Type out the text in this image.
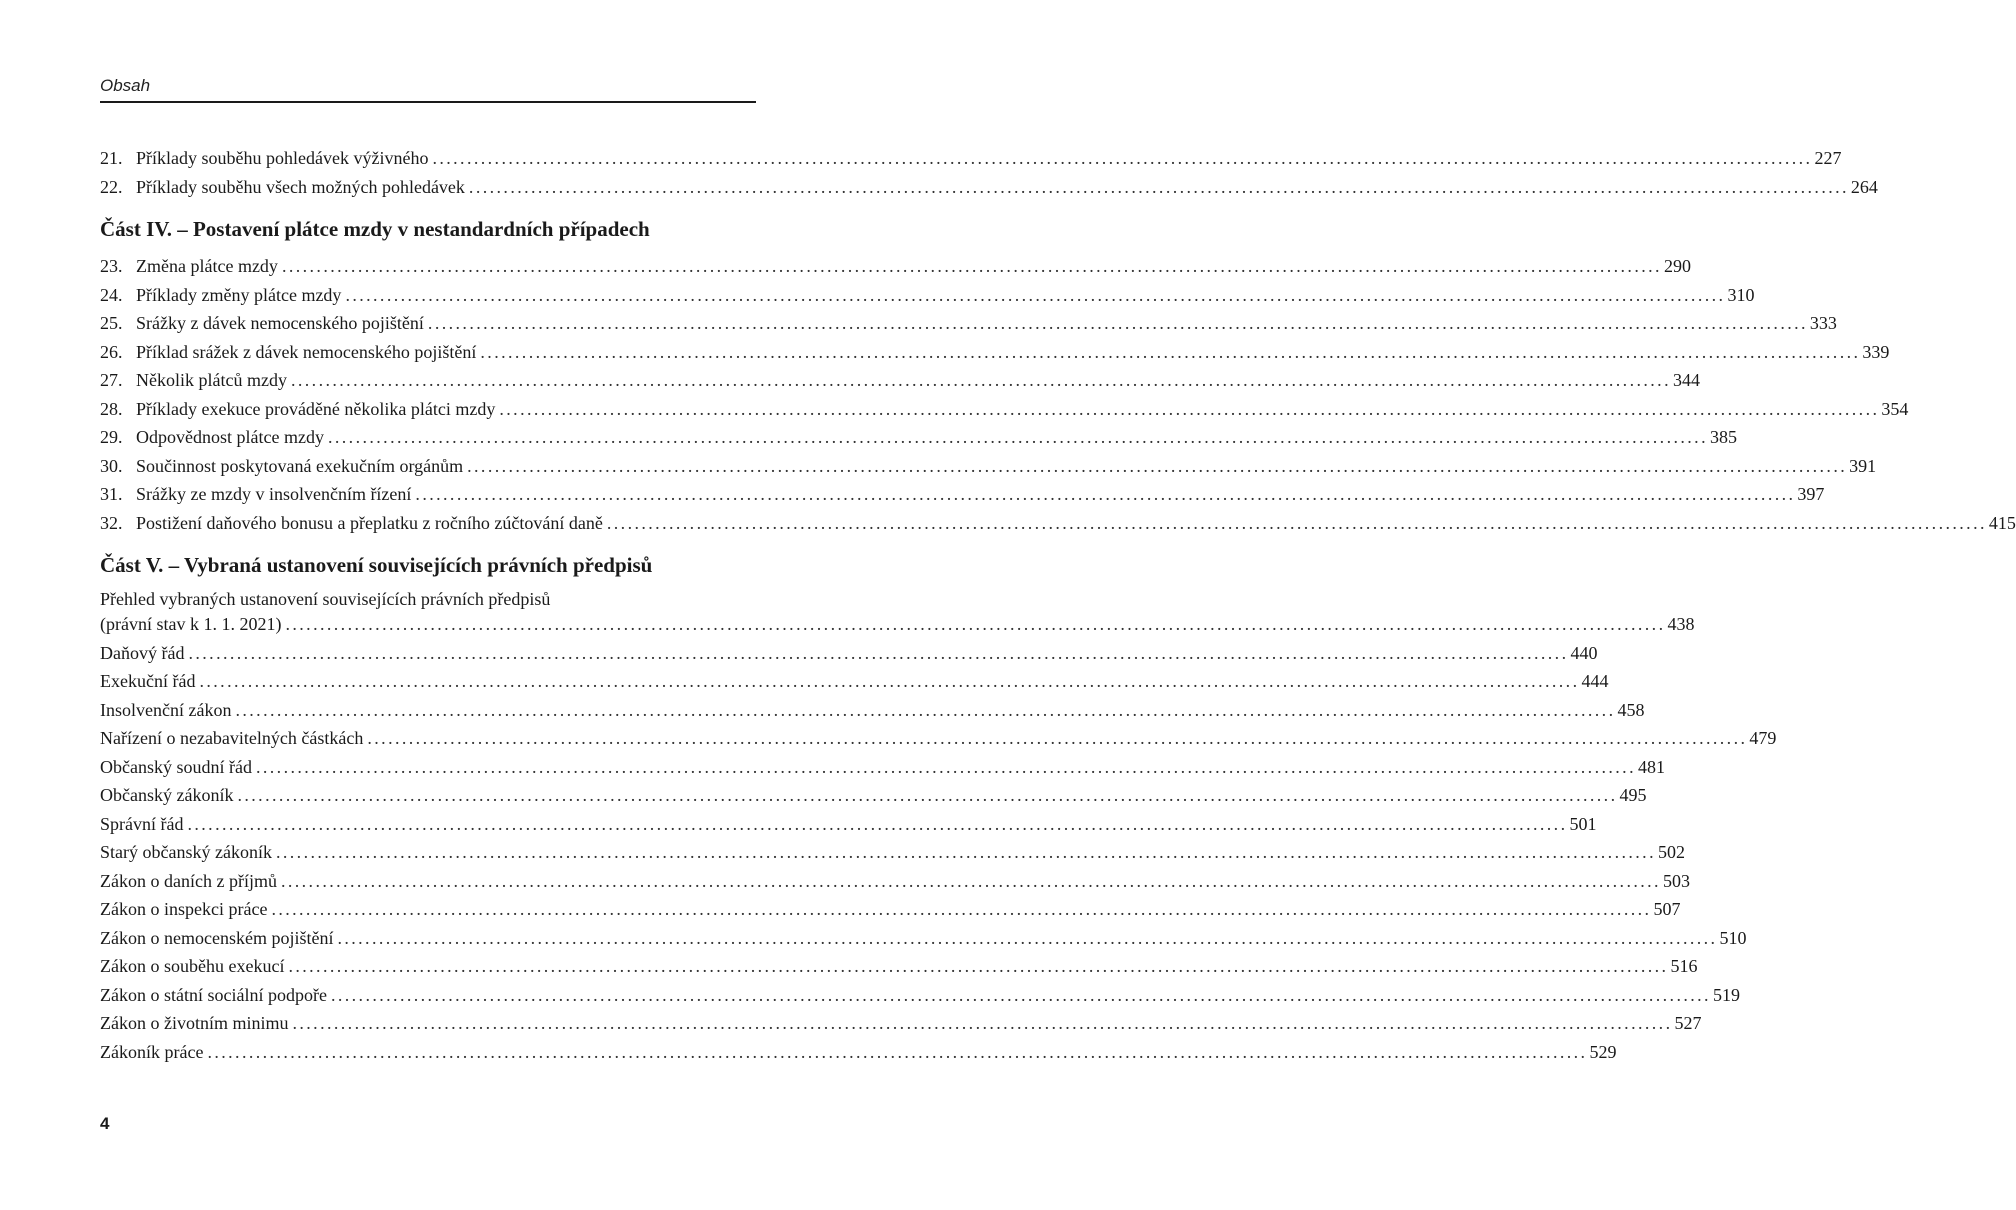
Obsah
21. Příklady souběhu pohledávek výživného ........................................................................................................................................................................................................ 227
22. Příklady souběhu všech možných pohledávek ........................................................................................................................................................................................................ 264
Část IV. – Postavení plátce mzdy v nestandardních případech
23. Změna plátce mzdy ........................................................................................................................................................................................................ 290
24. Příklady změny plátce mzdy ........................................................................................................................................................................................................ 310
25. Srážky z dávek nemocenského pojištění ........................................................................................................................................................................................................ 333
26. Příklad srážek z dávek nemocenského pojištění ........................................................................................................................................................................................................ 339
27. Několik plátců mzdy ........................................................................................................................................................................................................ 344
28. Příklady exekuce prováděné několika plátci mzdy ........................................................................................................................................................................................................ 354
29. Odpovědnost plátce mzdy ........................................................................................................................................................................................................ 385
30. Součinnost poskytovaná exekučním orgánům ........................................................................................................................................................................................................ 391
31. Srážky ze mzdy v insolvenčním řízení ........................................................................................................................................................................................................ 397
32. Postižení daňového bonusu a přeplatku z ročního zúčtování daně ........................................................................................................................................................................................................ 415
Část V. – Vybraná ustanovení souvisejících právních předpisů
Přehled vybraných ustanovení souvisejících právních předpisů
(právní stav k 1. 1. 2021) ........................................................................................................................................................................................................ 438
Daňový řád ........................................................................................................................................................................................................ 440
Exekuční řád ........................................................................................................................................................................................................ 444
Insolvenční zákon ........................................................................................................................................................................................................ 458
Nařízení o nezabavitelných částkách ........................................................................................................................................................................................................ 479
Občanský soudní řád ........................................................................................................................................................................................................ 481
Občanský zákoník ........................................................................................................................................................................................................ 495
Správní řád ........................................................................................................................................................................................................ 501
Starý občanský zákoník ........................................................................................................................................................................................................ 502
Zákon o daních z příjmů ........................................................................................................................................................................................................ 503
Zákon o inspekci práce ........................................................................................................................................................................................................ 507
Zákon o nemocenském pojištění ........................................................................................................................................................................................................ 510
Zákon o souběhu exekucí ........................................................................................................................................................................................................ 516
Zákon o státní sociální podpoře ........................................................................................................................................................................................................ 519
Zákon o životním minimu ........................................................................................................................................................................................................ 527
Zákoník práce ........................................................................................................................................................................................................ 529
4
